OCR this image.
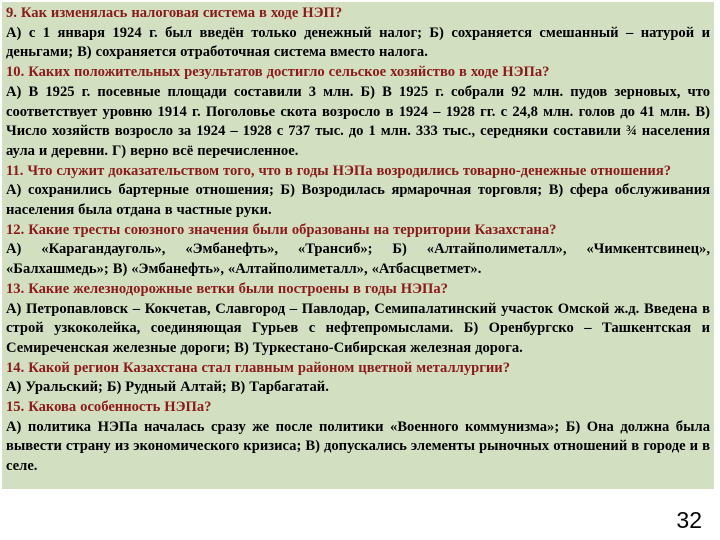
9. Как изменялась налоговая система в ходе НЭП?

А) с 1 января 1924 г. был введён только денежный налог; Б) сохраняется смешанный – натурой и деньгами; В) сохраняется отработочная система вместо налога.

10. Каких положительных результатов достигло сельское хозяйство в ходе НЭПа?

А) В 1925 г. посевные площади составили 3 млн. Б) В 1925 г. собрали 92 млн. пудов зерновых, что соответствует уровню 1914 г. Поголовье скота возросло в 1924 – 1928 гг. с 24,8 млн. голов до 41 млн. В) Число хозяйств возросло за 1924 – 1928 с 737 тыс. до 1 млн. 333 тыс., середняки составили ¾ населения аула и деревни. Г) верно всё перечисленное.

11. Что служит доказательством того, что в годы НЭПа возродились товарно-денежные отношения?

А) сохранились бартерные отношения; Б) Возродилась ярмарочная торговля; В) сфера обслуживания населения была отдана в частные руки.

12. Какие тресты союзного значения были образованы на территории Казахстана?

А) «Карагандауголь», «Эмбанефть», «Трансиб»; Б) «Алтайполиметалл», «Чимкентсвинец», «Балхашмедь»; В) «Эмбанефть», «Алтайполиметалл», «Атбасцветмет».

13. Какие железнодорожные ветки были построены в годы НЭПа?

А) Петропавловск – Кокчетав, Славгород – Павлодар, Семипалатинский участок Омской ж.д. Введена в строй узкоколейка, соединяющая Гурьев с нефтепромыслами. Б) Оренбургско – Ташкентская и Семиреченская железные дороги; В) Туркестано-Сибирская железная дорога.

14. Какой регион Казахстана стал главным районом цветной металлургии?

А) Уральский; Б) Рудный Алтай; В) Тарбагатай.

15. Какова особенность НЭПа?

А) политика НЭПа началась сразу же после политики «Военного коммунизма»; Б) Она должна была вывести страну из экономического кризиса; В) допускались элементы рыночных отношений в городе и в селе.

32
